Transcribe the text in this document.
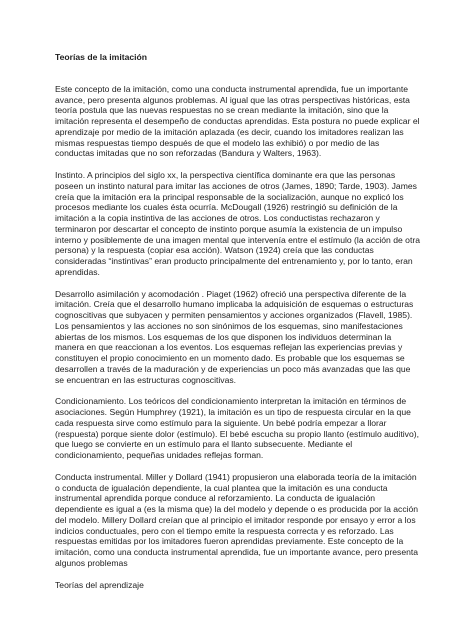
Teorías de la imitación
Este concepto de la imitación, como una conducta instrumental aprendida, fue un importante
avance, pero presenta algunos problemas. Al igual que las otras perspectivas históricas, esta
teoría postula que las nuevas respuestas no se crean mediante la imitación, sino que la
imitación representa el desempeño de conductas aprendidas. Esta postura no puede explicar el
aprendizaje por medio de la imitación aplazada (es decir, cuando los imitadores realizan las
mismas respuestas tiempo después de que el modelo las exhibió) o por medio de las
conductas imitadas que no son reforzadas (Bandura y Walters, 1963).
Instinto. A principios del siglo xx, la perspectiva científica dominante era que las personas
poseen un instinto natural para imitar las acciones de otros (James, 1890; Tarde, 1903). James
creía que la imitación era la principal responsable de la socialización, aunque no explicó los
procesos mediante los cuales ésta ocurría. McDougall (1926) restringió su definición de la
imitación a la copia instintiva de las acciones de otros. Los conductistas rechazaron y
terminaron por descartar el concepto de instinto porque asumía la existencia de un impulso
interno y posiblemente de una imagen mental que intervenía entre el estímulo (la acción de otra
persona) y la respuesta (copiar esa acción). Watson (1924) creía que las conductas
consideradas “instintivas” eran producto principalmente del entrenamiento y, por lo tanto, eran
aprendidas.
Desarrollo asimilación y acomodación . Piaget (1962) ofreció una perspectiva diferente de la
imitación. Creía que el desarrollo humano implicaba la adquisición de esquemas o estructuras
cognoscitivas que subyacen y permiten pensamientos y acciones organizados (Flavell, 1985).
Los pensamientos y las acciones no son sinónimos de los esquemas, sino manifestaciones
abiertas de los mismos. Los esquemas de los que disponen los individuos determinan la
manera en que reaccionan a los eventos. Los esquemas reflejan las experiencias previas y
constituyen el propio conocimiento en un momento dado. Es probable que los esquemas se
desarrollen a través de la maduración y de experiencias un poco más avanzadas que las que
se encuentran en las estructuras cognoscitivas.
Condicionamiento. Los teóricos del condicionamiento interpretan la imitación en términos de
asociaciones. Según Humphrey (1921), la imitación es un tipo de respuesta circular en la que
cada respuesta sirve como estímulo para la siguiente. Un bebé podría empezar a llorar
(respuesta) porque siente dolor (estímulo). El bebé escucha su propio llanto (estímulo auditivo),
que luego se convierte en un estímulo para el llanto subsecuente. Mediante el
condicionamiento, pequeñas unidades reflejas forman.
Conducta instrumental. Miller y Dollard (1941) propusieron una elaborada teoría de la imitación
o conducta de igualación dependiente, la cual plantea que la imitación es una conducta
instrumental aprendida porque conduce al reforzamiento. La conducta de igualación
dependiente es igual a (es la misma que) la del modelo y depende o es producida por la acción
del modelo. Millery Dollard creían que al principio el imitador responde por ensayo y error a los
indicios conductuales, pero con el tiempo emite la respuesta correcta y es reforzado. Las
respuestas emitidas por los imitadores fueron aprendidas previamente. Este concepto de la
imitación, como una conducta instrumental aprendida, fue un importante avance, pero presenta
algunos problemas
Teorías del aprendizaje
